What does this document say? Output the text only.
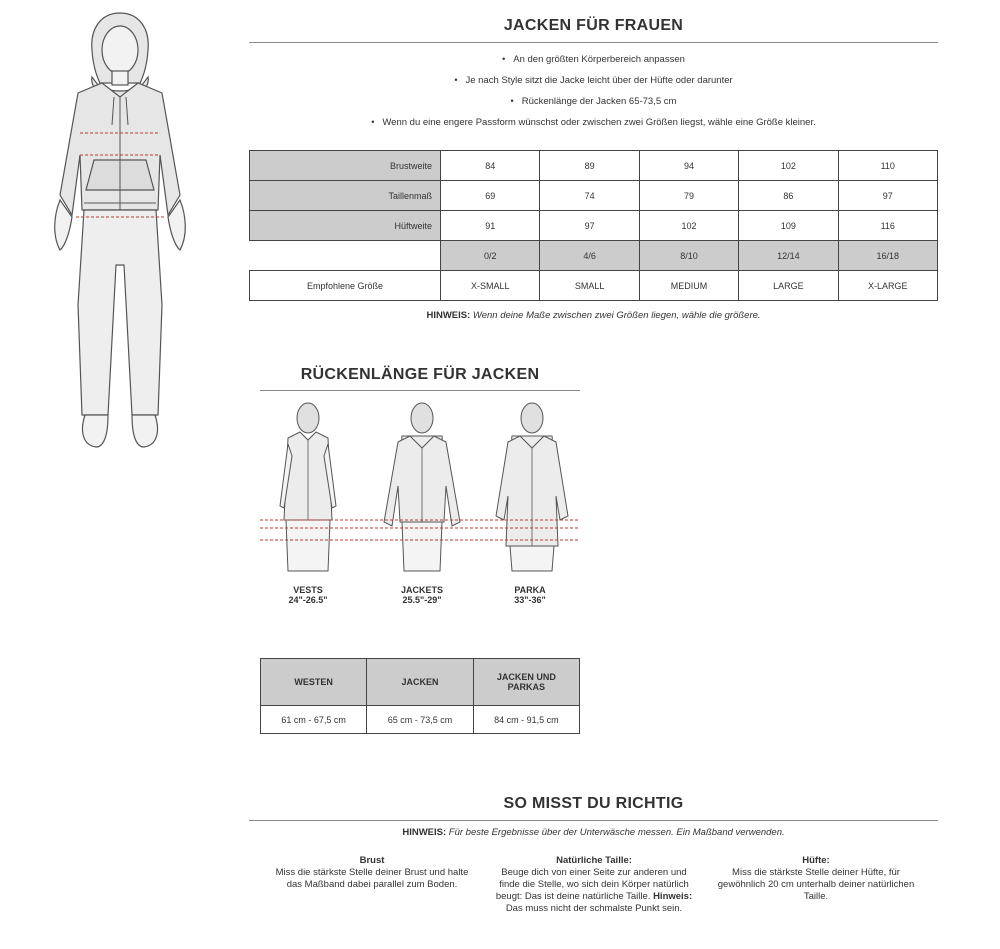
JACKEN FÜR FRAUEN
• An den größten Körperbereich anpassen
• Je nach Style sitzt die Jacke leicht über der Hüfte oder darunter
• Rückenlänge der Jacken 65-73,5 cm
• Wenn du eine engere Passform wünschst oder zwischen zwei Größen liegst, wähle eine Größe kleiner.
Brustweite	84	89	94	102	110
Taillenmaß	69	74	79	86	97
Hüftweite	91	97	102	109	116
	0/2	4/6	8/10	12/14	16/18
Empfohlene Größe	X-SMALL	SMALL	MEDIUM	LARGE	X-LARGE
HINWEIS: Wenn deine Maße zwischen zwei Größen liegen, wähle die größere.
RÜCKENLÄNGE FÜR JACKEN
VESTS
24"-26.5"
JACKETS
25.5"-29"
PARKA
33"-36"
WESTEN	JACKEN	JACKEN UND PARKAS
61 cm - 67,5 cm	65 cm - 73,5 cm	84 cm - 91,5 cm
SO MISST DU RICHTIG
HINWEIS: Für beste Ergebnisse über der Unterwäsche messen. Ein Maßband verwenden.
Brust
Miss die stärkste Stelle deiner Brust und halte das Maßband dabei parallel zum Boden.
Natürliche Taille:
Beuge dich von einer Seite zur anderen und finde die Stelle, wo sich dein Körper natürlich beugt: Das ist deine natürliche Taille. Hinweis: Das muss nicht der schmalste Punkt sein.
Hüfte:
Miss die stärkste Stelle deiner Hüfte, für gewöhnlich 20 cm unterhalb deiner natürlichen Taille.
